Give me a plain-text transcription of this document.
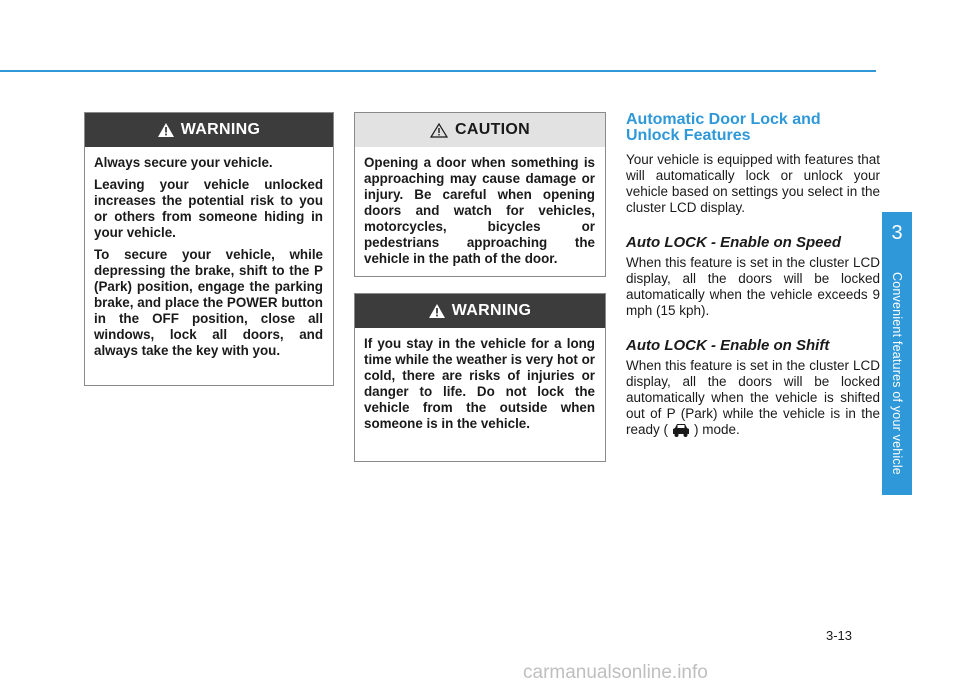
3
Convenient features of your vehicle
WARNING

Always secure your vehicle.

Leaving your vehicle unlocked increases the potential risk to you or others from someone hiding in your vehicle.

To secure your vehicle, while depressing the brake, shift to the P (Park) position, engage the parking brake, and place the POWER button in the OFF position, close all windows, lock all doors, and always take the key with you.

CAUTION

Opening a door when something is approaching may cause damage or injury. Be careful when opening doors and watch for vehicles, motorcycles, bicycles or pedestrians approaching the vehicle in the path of the door.

WARNING

If you stay in the vehicle for a long time while the weather is very hot or cold, there are risks of injuries or danger to life. Do not lock the vehicle from the outside when someone is in the vehicle.

Automatic Door Lock and
Unlock Features

Your vehicle is equipped with features that will automatically lock or unlock your vehicle based on settings you select in the cluster LCD display.

Auto LOCK - Enable on Speed

When this feature is set in the cluster LCD display, all the doors will be locked automatically when the vehicle exceeds 9 mph (15 kph).

Auto LOCK - Enable on Shift

When this feature is set in the cluster LCD display, all the doors will be locked automatically when the vehicle is shifted out of P (Park) while the vehicle is in the ready ( ) mode.

3-13
carmanualsonline.info
